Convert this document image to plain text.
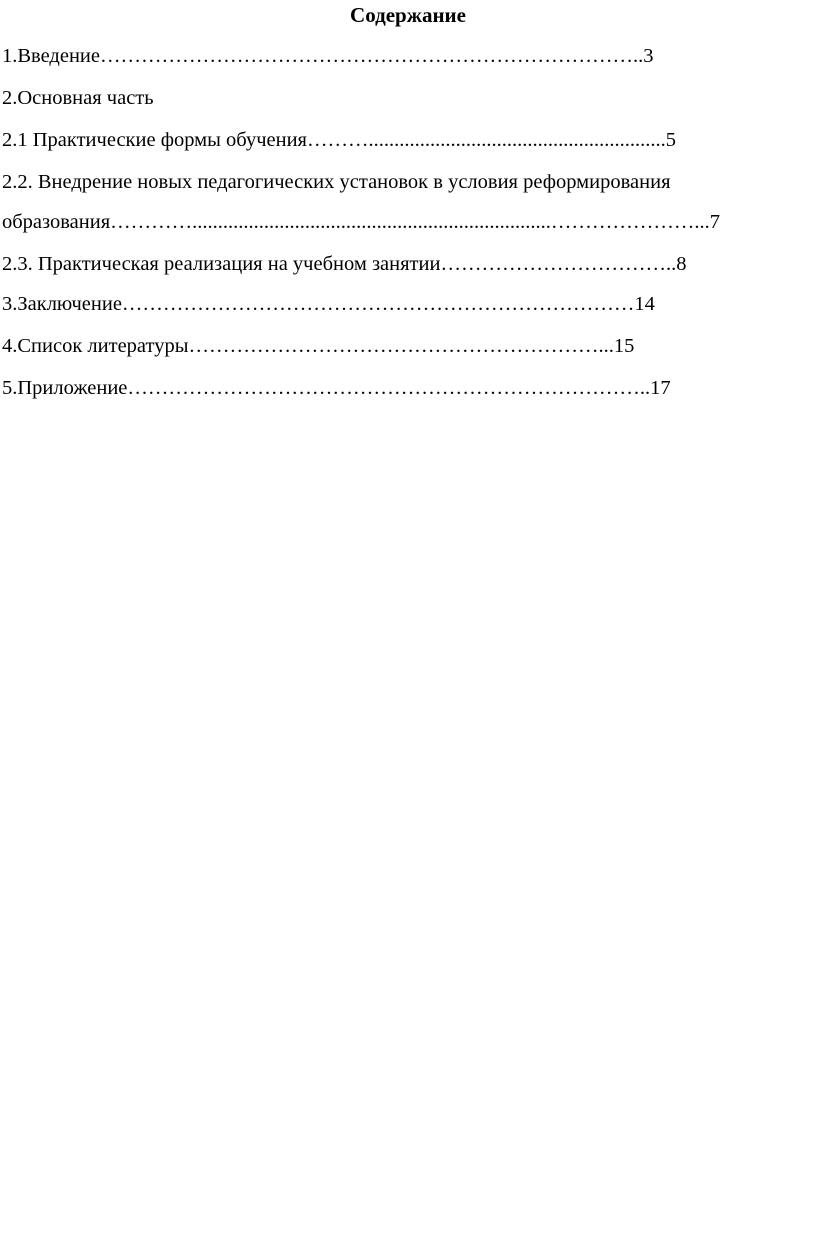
Содержание
1.Введение……………………………………………………………………..3
2.Основная часть
2.1 Практические формы обучения………..........................................................5
2.2. Внедрение новых педагогических установок в условия реформирования
образования…………......................................................................…………………...7
2.3. Практическая реализация на учебном занятии……………………………..8
3.Заключение…………………………………………………………………14
4.Список литературы……………………………………………………...15
5.Приложение…………………………………………………………………..17
